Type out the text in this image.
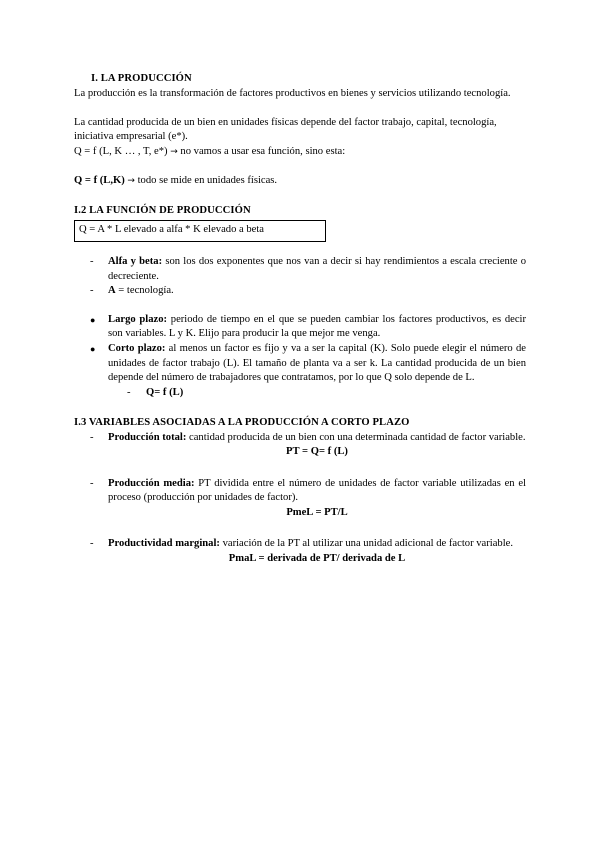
I. LA PRODUCCIÓN
La producción es la transformación de factores productivos en bienes y servicios utilizando tecnología.
La cantidad producida de un bien en unidades físicas depende del factor trabajo, capital, tecnología, iniciativa empresarial (e*).
Q = f (L, K … , T, e*) → no vamos a usar esa función, sino esta:
Q = f (L,K) → todo se mide en unidades físicas.
I.2 LA FUNCIÓN DE PRODUCCIÓN
Q = A * L elevado a alfa * K elevado a beta
- Alfa y beta: son los dos exponentes que nos van a decir si hay rendimientos a escala creciente o decreciente.
- A = tecnología.
● Largo plazo: periodo de tiempo en el que se pueden cambiar los factores productivos, es decir son variables. L y K. Elijo para producir la que mejor me venga.
● Corto plazo: al menos un factor es fijo y va a ser la capital (K). Solo puede elegir el número de unidades de factor trabajo (L). El tamaño de planta va a ser k. La cantidad producida de un bien depende del número de trabajadores que contratamos, por lo que Q solo depende de L.
- Q= f (L)
I.3 VARIABLES ASOCIADAS A LA PRODUCCIÓN A CORTO PLAZO
- Producción total: cantidad producida de un bien con una determinada cantidad de factor variable.
PT = Q= f (L)
- Producción media: PT dividida entre el número de unidades de factor variable utilizadas en el proceso (producción por unidades de factor).
PmeL = PT/L
- Productividad marginal: variación de la PT al utilizar una unidad adicional de factor variable.
PmaL = derivada de PT/ derivada de L
